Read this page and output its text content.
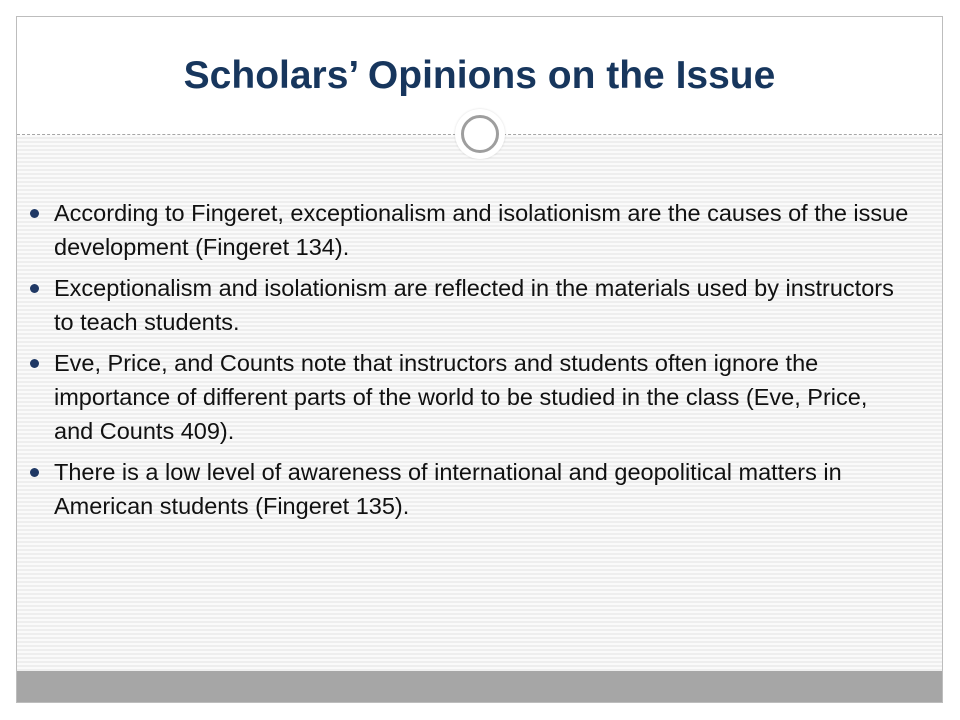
Scholars’ Opinions on the Issue
According to Fingeret, exceptionalism and isolationism are the causes of the issue development (Fingeret 134).
Exceptionalism and isolationism are reflected in the materials used by instructors to teach students.
Eve, Price, and Counts note that instructors and students often ignore the importance of different parts of the world to be studied in the class (Eve, Price, and Counts 409).
There is a low level of awareness of international and geopolitical matters in American students (Fingeret 135).
